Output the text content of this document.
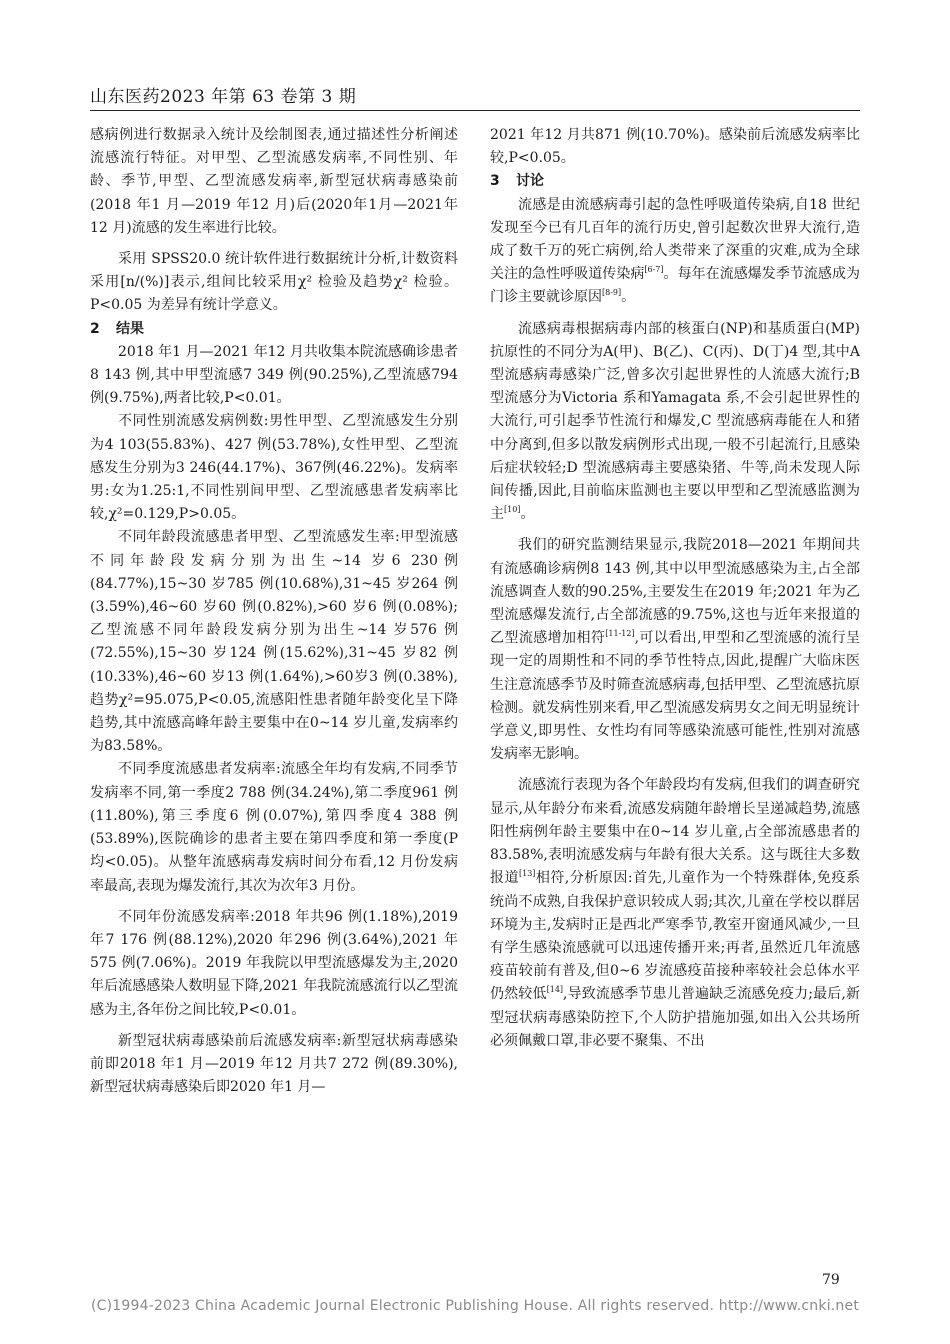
山东医药2023 年第 63 卷第 3 期

感病例进行数据录入统计及绘制图表,通过描述性分析阐述流感流行特征。对甲型、乙型流感发病率,不同性别、年龄、季节,甲型、乙型流感发病率,新型冠状病毒感染前(2018 年1 月—2019 年12 月)后(2020年1月—2021年12 月)流感的发生率进行比较。

采用 SPSS20.0 统计软件进行数据统计分析,计数资料采用[n/(%)]表示,组间比较采用χ² 检验及趋势χ² 检验。P<0.05 为差异有统计学意义。

2 结果

2018 年1 月—2021 年12 月共收集本院流感确诊患者8 143 例,其中甲型流感7 349 例(90.25%),乙型流感794 例(9.75%),两者比较,P<0.01。

不同性别流感发病例数:男性甲型、乙型流感发生分别为4 103(55.83%)、427 例(53.78%),女性甲型、乙型流感发生分别为3 246(44.17%)、367例(46.22%)。发病率男:女为1.25:1,不同性别间甲型、乙型流感患者发病率比较,χ²=0.129,P>0.05。

不同年龄段流感患者甲型、乙型流感发生率:甲型流感不同年龄段发病分别为出生~14 岁6 230例(84.77%),15~30 岁785 例(10.68%),31~45 岁264 例(3.59%),46~60 岁60 例(0.82%),>60 岁6 例(0.08%);乙型流感不同年龄段发病分别为出生~14 岁576 例(72.55%),15~30 岁124 例(15.62%),31~45 岁82 例(10.33%),46~60 岁13 例(1.64%),>60岁3 例(0.38%),趋势χ²=95.075,P<0.05,流感阳性患者随年龄变化呈下降趋势,其中流感高峰年龄主要集中在0~14 岁儿童,发病率约为83.58%。

不同季度流感患者发病率:流感全年均有发病,不同季节发病率不同,第一季度2 788 例(34.24%),第二季度961 例(11.80%),第三季度6 例(0.07%),第四季度4 388 例(53.89%),医院确诊的患者主要在第四季度和第一季度(P 均<0.05)。从整年流感病毒发病时间分布看,12 月份发病率最高,表现为爆发流行,其次为次年3 月份。

不同年份流感发病率:2018 年共96 例(1.18%),2019 年7 176 例(88.12%),2020 年296 例(3.64%),2021 年575 例(7.06%)。2019 年我院以甲型流感爆发为主,2020 年后流感感染人数明显下降,2021 年我院流感流行以乙型流感为主,各年份之间比较,P<0.01。

新型冠状病毒感染前后流感发病率:新型冠状病毒感染前即2018 年1 月—2019 年12 月共7 272 例(89.30%),新型冠状病毒感染后即2020 年1 月—

2021 年12 月共871 例(10.70%)。感染前后流感发病率比较,P<0.05。

3 讨论

流感是由流感病毒引起的急性呼吸道传染病,自18 世纪发现至今已有几百年的流行历史,曾引起数次世界大流行,造成了数千万的死亡病例,给人类带来了深重的灾难,成为全球关注的急性呼吸道传染病[6-7]。每年在流感爆发季节流感成为门诊主要就诊原因[8-9]。

流感病毒根据病毒内部的核蛋白(NP)和基质蛋白(MP)抗原性的不同分为A(甲)、B(乙)、C(丙)、D(丁)4 型,其中A 型流感病毒感染广泛,曾多次引起世界性的人流感大流行;B 型流感分为Victoria 系和Yamagata 系,不会引起世界性的大流行,可引起季节性流行和爆发,C 型流感病毒能在人和猪中分离到,但多以散发病例形式出现,一般不引起流行,且感染后症状较轻;D 型流感病毒主要感染猪、牛等,尚未发现人际间传播,因此,目前临床监测也主要以甲型和乙型流感监测为主[10]。

我们的研究监测结果显示,我院2018—2021 年期间共有流感确诊病例8 143 例,其中以甲型流感感染为主,占全部流感调查人数的90.25%,主要发生在2019 年;2021 年为乙型流感爆发流行,占全部流感的9.75%,这也与近年来报道的乙型流感增加相符[11-12],可以看出,甲型和乙型流感的流行呈现一定的周期性和不同的季节性特点,因此,提醒广大临床医生注意流感季节及时筛查流感病毒,包括甲型、乙型流感抗原检测。就发病性别来看,甲乙型流感发病男女之间无明显统计学意义,即男性、女性均有同等感染流感可能性,性别对流感发病率无影响。

流感流行表现为各个年龄段均有发病,但我们的调查研究显示,从年龄分布来看,流感发病随年龄增长呈递减趋势,流感阳性病例年龄主要集中在0~14 岁儿童,占全部流感患者的83.58%,表明流感发病与年龄有很大关系。这与既往大多数报道[13]相符,分析原因:首先,儿童作为一个特殊群体,免疫系统尚不成熟,自我保护意识较成人弱;其次,儿童在学校以群居环境为主,发病时正是西北严寒季节,教室开窗通风减少,一旦有学生感染流感就可以迅速传播开来;再者,虽然近几年流感疫苗较前有普及,但0~6 岁流感疫苗接种率较社会总体水平仍然较低[14],导致流感季节患儿普遍缺乏流感免疫力;最后,新型冠状病毒感染防控下,个人防护措施加强,如出入公共场所必须佩戴口罩,非必要不聚集、不出

79
(C)1994-2023 China Academic Journal Electronic Publishing House. All rights reserved. http://www.cnki.net
